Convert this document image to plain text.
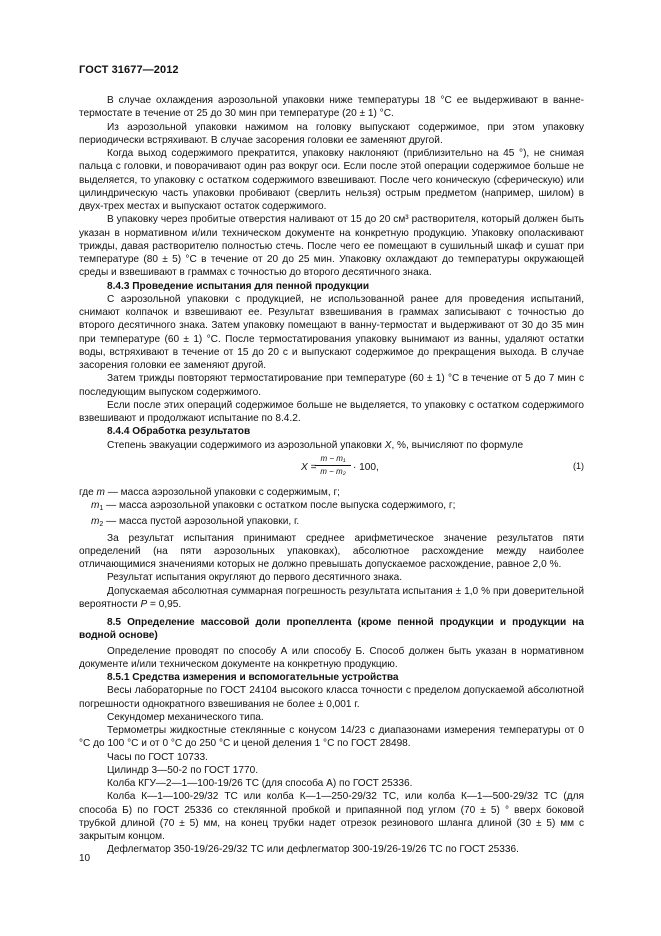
ГОСТ 31677—2012

В случае охлаждения аэрозольной упаковки ниже температуры 18 °С ее выдерживают в ванне-термостате в течение от 25 до 30 мин при температуре (20 ± 1) °С.

Из аэрозольной упаковки нажимом на головку выпускают содержимое, при этом упаковку периодически встряхивают. В случае засорения головки ее заменяют другой.

Когда выход содержимого прекратится, упаковку наклоняют (приблизительно на 45 °), не снимая пальца с головки, и поворачивают один раз вокруг оси. Если после этой операции содержимое больше не выделяется, то упаковку с остатком содержимого взвешивают. После чего коническую (сферическую) или цилиндрическую часть упаковки пробивают (сверлить нельзя) острым предметом (например, шилом) в двух-трех местах и выпускают остаток содержимого.

В упаковку через пробитые отверстия наливают от 15 до 20 см³ растворителя, который должен быть указан в нормативном и/или техническом документе на конкретную продукцию. Упаковку ополаскивают трижды, давая растворителю полностью стечь. После чего ее помещают в сушильный шкаф и сушат при температуре (80 ± 5) °С в течение от 20 до 25 мин. Упаковку охлаждают до температуры окружающей среды и взвешивают в граммах с точностью до второго десятичного знака.

8.4.3 Проведение испытания для пенной продукции

С аэрозольной упаковки с продукцией, не использованной ранее для проведения испытаний, снимают колпачок и взвешивают ее. Результат взвешивания в граммах записывают с точностью до второго десятичного знака. Затем упаковку помещают в ванну-термостат и выдерживают от 30 до 35 мин при температуре (60 ± 1) °С. После термостатирования упаковку вынимают из ванны, удаляют остатки воды, встряхивают в течение от 15 до 20 с и выпускают содержимое до прекращения выхода. В случае засорения головки ее заменяют другой.

Затем трижды повторяют термостатирование при температуре (60 ± 1) °С в течение от 5 до 7 мин с последующим выпуском содержимого.

Если после этих операций содержимое больше не выделяется, то упаковку с остатком содержимого взвешивают и продолжают испытание по 8.4.2.

8.4.4 Обработка результатов

Степень эвакуации содержимого из аэрозольной упаковки X, %, вычисляют по формуле

X =
m − m₁
m − m₂ · 100,	(1)

где m — масса аэрозольной упаковки с содержимым, г;

$m_1$ — масса аэрозольной упаковки с остатком после выпуска содержимого, г;

$m_2$ — масса пустой аэрозольной упаковки, г.

За результат испытания принимают среднее арифметическое значение результатов пяти определений (на пяти аэрозольных упаковках), абсолютное расхождение между наиболее отличающимися значениями которых не должно превышать допускаемое расхождение, равное 2,0 %.

Результат испытания округляют до первого десятичного знака.

Допускаемая абсолютная суммарная погрешность результата испытания ± 1,0 % при доверительной вероятности Р = 0,95.

8.5 Определение массовой доли пропеллента (кроме пенной продукции и продукции на водной основе)

Определение проводят по способу А или способу Б. Способ должен быть указан в нормативном документе и/или техническом документе на конкретную продукцию.

8.5.1 Средства измерения и вспомогательные устройства

Весы лабораторные по ГОСТ 24104 высокого класса точности с пределом допускаемой абсолютной погрешности однократного взвешивания не более ± 0,001 г.

Секундомер механического типа.

Термометры жидкостные стеклянные с конусом 14/23 с диапазонами измерения температуры от 0 °С до 100 °С и от 0 °С до 250 °С и ценой деления 1 °С по ГОСТ 28498.

Часы по ГОСТ 10733.

Цилиндр 3—50-2 по ГОСТ 1770.

Колба КГУ—2—1—100-19/26 ТС (для способа А) по ГОСТ 25336.

Колба К—1—100-29/32 ТС или колба К—1—250-29/32 ТС, или колба К—1—500-29/32 ТС (для способа Б) по ГОСТ 25336 со стеклянной пробкой и припаянной под углом (70 ± 5) ° вверх боковой трубкой длиной (70 ± 5) мм, на конец трубки надет отрезок резинового шланга длиной (30 ± 5) мм с закрытым концом.

Дефлегматор 350-19/26-29/32 ТС или дефлегматор 300-19/26-19/26 ТС по ГОСТ 25336.

10
